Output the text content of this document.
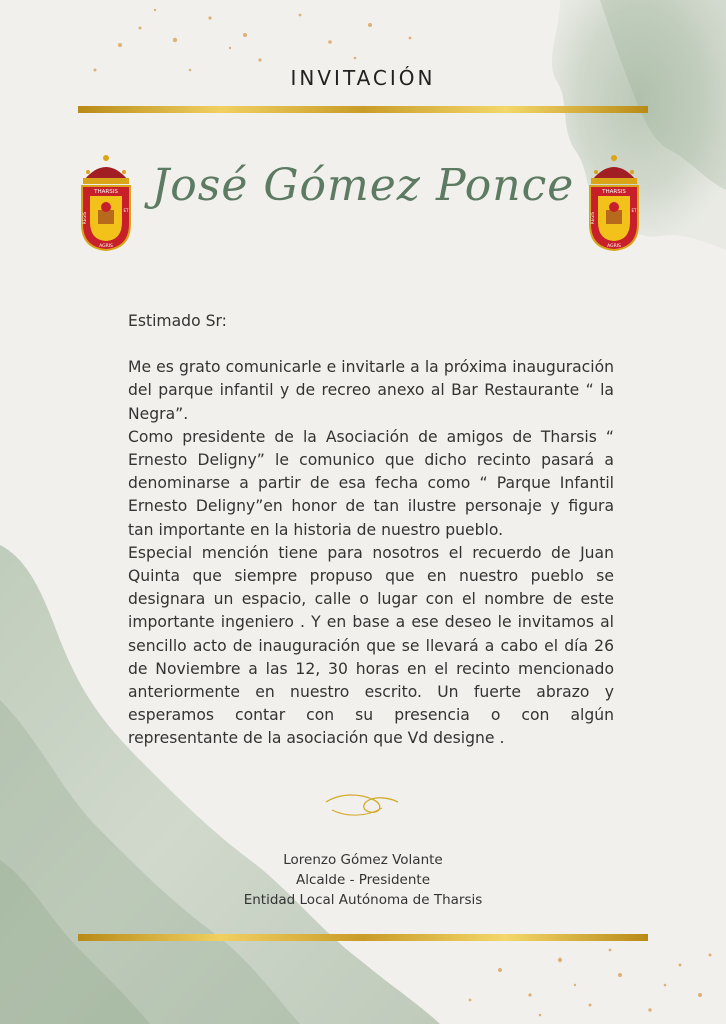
INVITACIÓN
THARSIS
REGIS
ET
AGRIS
José Gómez Ponce	THARSIS
REGIS
ET
AGRIS

Estimado Sr:

Me es grato comunicarle e invitarle a la próxima inauguración del parque infantil y de recreo anexo al Bar Restaurante “ la Negra”.

Como presidente de la Asociación de amigos de Tharsis “ Ernesto Deligny” le comunico que dicho recinto pasará a denominarse a partir de esa fecha como “ Parque Infantil Ernesto Deligny”en honor de tan ilustre personaje y figura tan importante en la historia de nuestro pueblo.

Especial mención tiene para nosotros el recuerdo de Juan Quinta que siempre propuso que en nuestro pueblo se designara un espacio, calle o lugar con el nombre de este importante ingeniero . Y en base a ese deseo le invitamos al sencillo acto de inauguración que se llevará a cabo el día 26 de Noviembre a las 12, 30 horas en el recinto mencionado anteriormente en nuestro escrito. Un fuerte abrazo y esperamos contar con su presencia o con algún representante de la asociación que Vd designe .

Lorenzo Gómez Volante
Alcalde - Presidente
Entidad Local Autónoma de Tharsis
